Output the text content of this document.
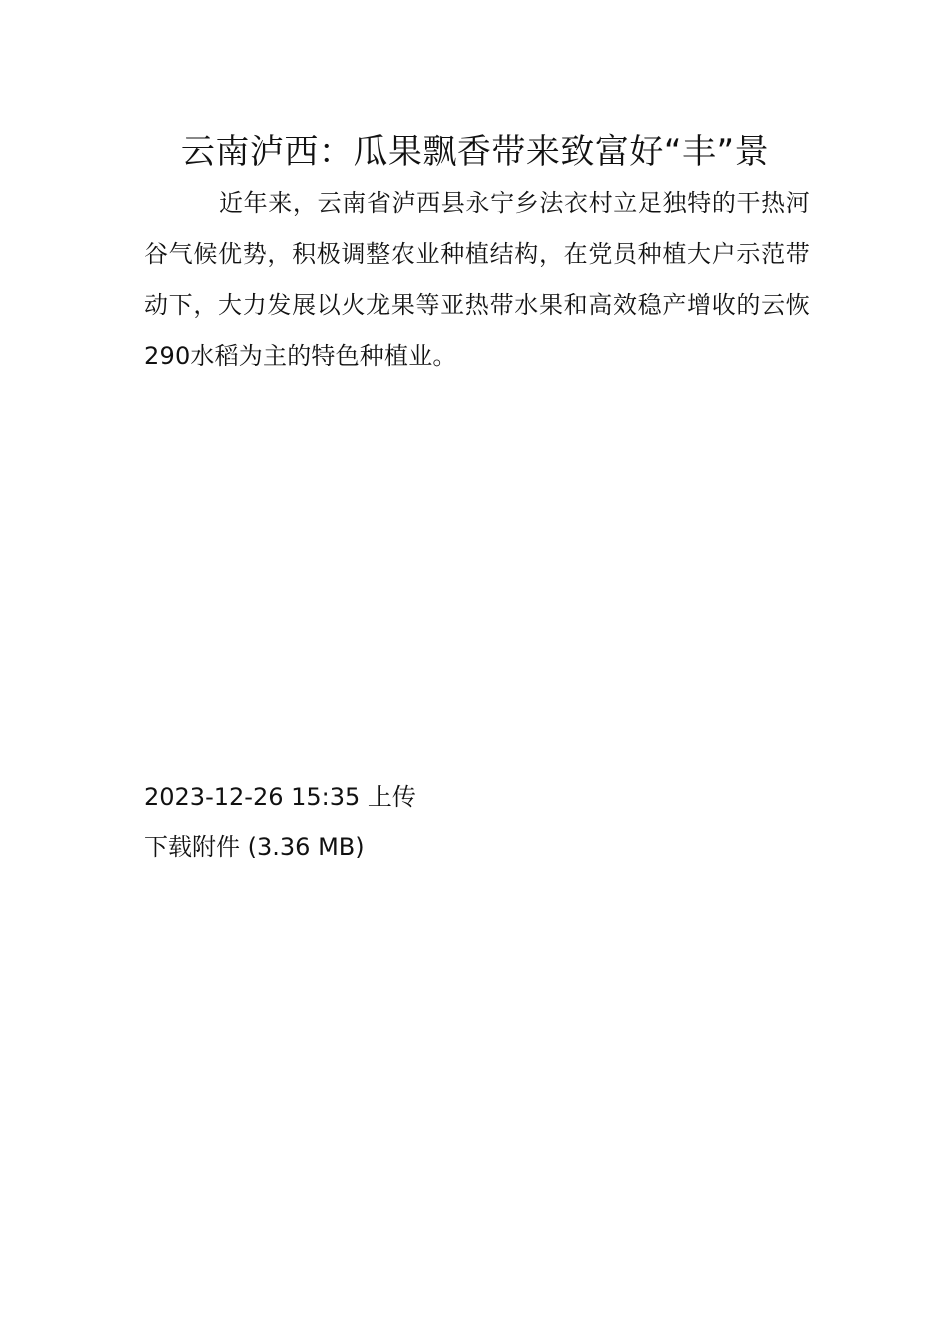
云南泸西：瓜果飘香带来致富好“丰”景

近年来，云南省泸西县永宁乡法衣村立足独特的干热河谷气候优势，积极调整农业种植结构，在党员种植大户示范带动下，大力发展以火龙果等亚热带水果和高效稳产增收的云恢290水稻为主的特色种植业。

2023-12-26 15:35 上传
下载附件 (3.36 MB)
